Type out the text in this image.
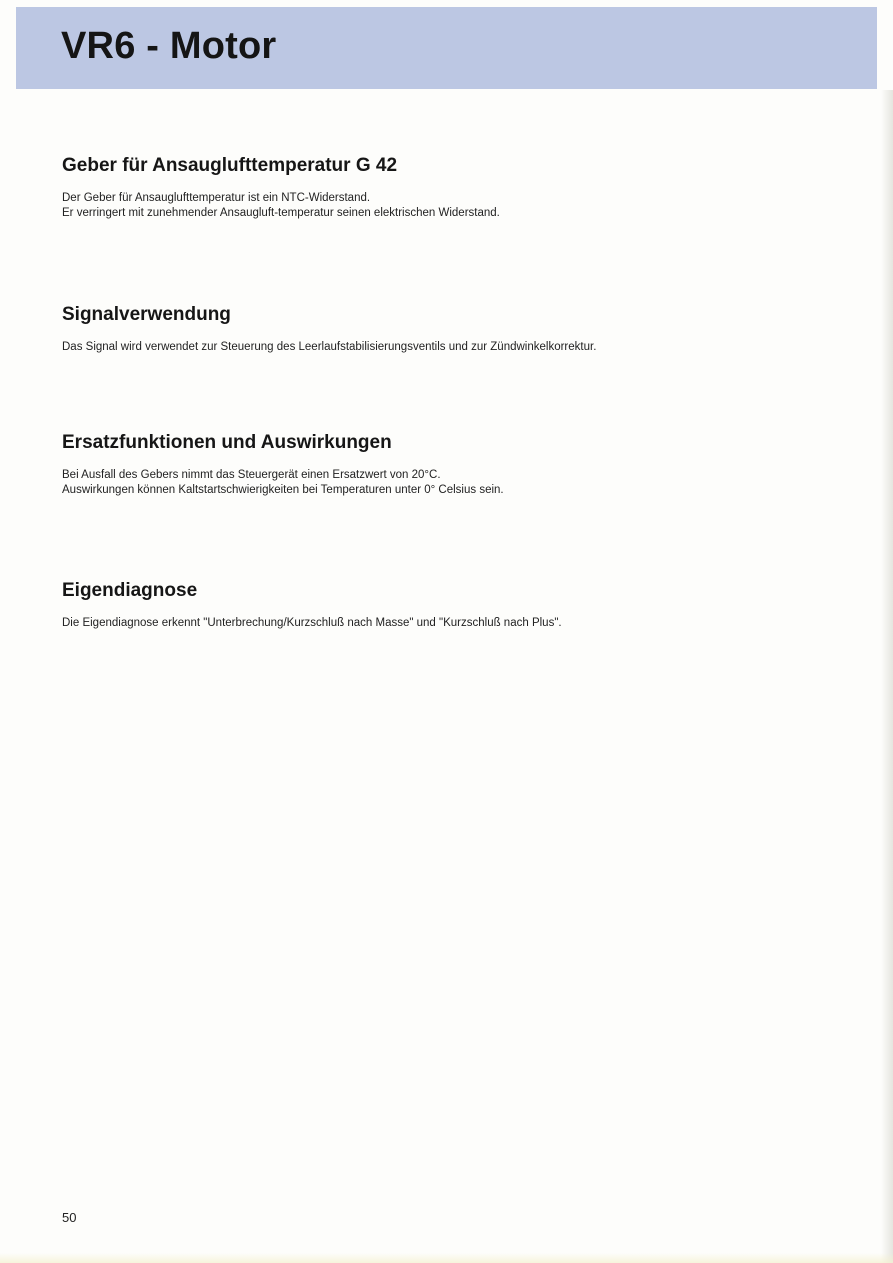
VR6 - Motor
Geber für Ansauglufttemperatur G 42

Der Geber für Ansauglufttemperatur ist ein NTC-Widerstand.
Er verringert mit zunehmender Ansaugluft-temperatur seinen elektrischen Widerstand.

Signalverwendung

Das Signal wird verwendet zur Steuerung des Leerlaufstabilisierungsventils und zur Zündwinkelkorrektur.

Ersatzfunktionen und Auswirkungen

Bei Ausfall des Gebers nimmt das Steuergerät einen Ersatzwert von 20°C.
Auswirkungen können Kaltstartschwierigkeiten bei Temperaturen unter 0° Celsius sein.

Eigendiagnose

Die Eigendiagnose erkennt "Unterbrechung/Kurzschluß nach Masse" und "Kurzschluß nach Plus".

50
